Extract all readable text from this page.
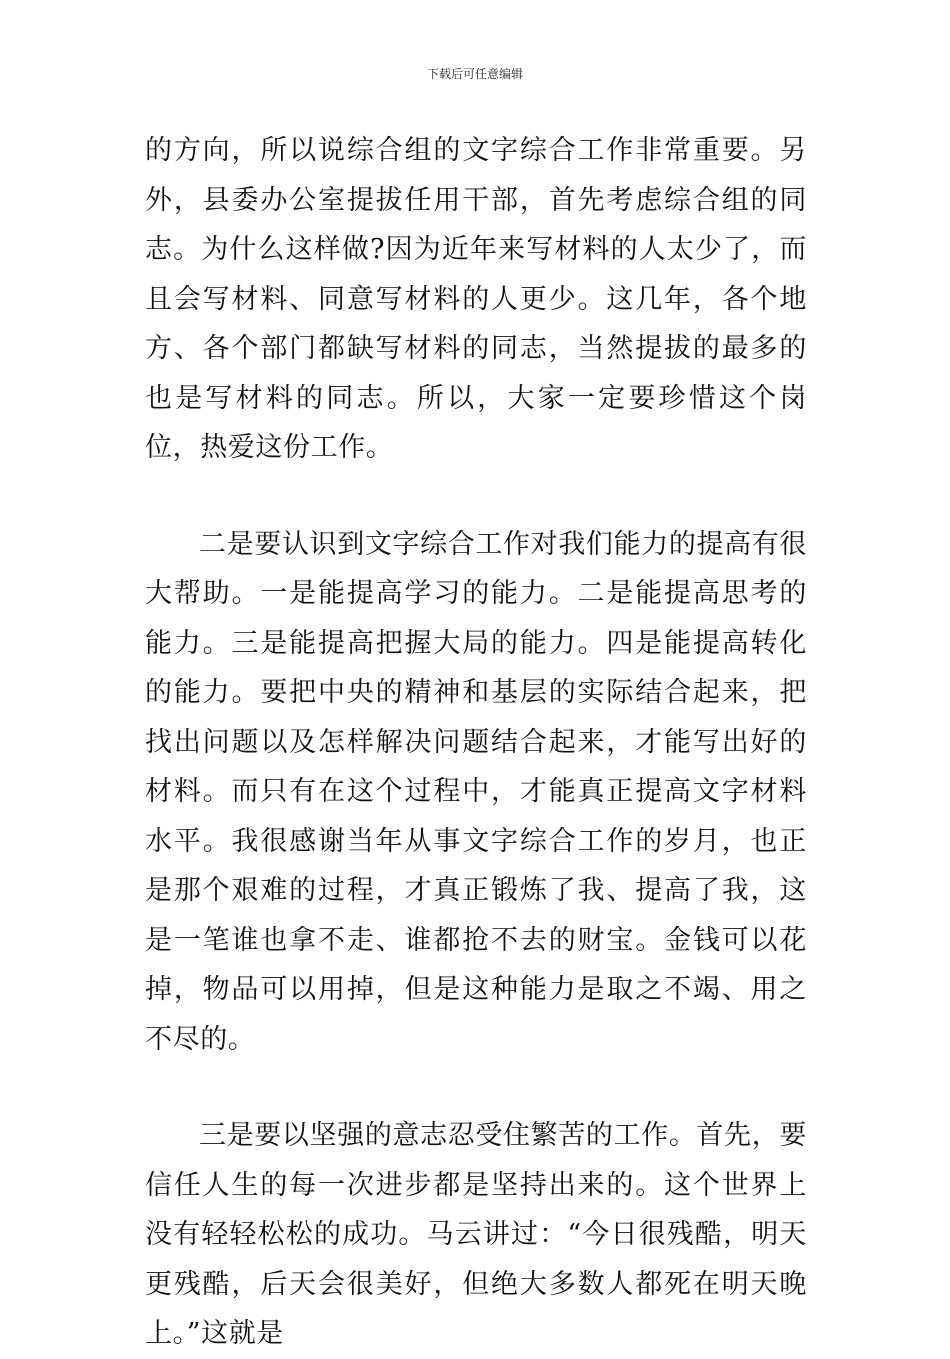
下载后可任意编辑

的方向，所以说综合组的文字综合工作非常重要。另外，县委办公室提拔任用干部，首先考虑综合组的同志。为什么这样做?因为近年来写材料的人太少了，而且会写材料、同意写材料的人更少。这几年，各个地方、各个部门都缺写材料的同志，当然提拔的最多的也是写材料的同志。所以，大家一定要珍惜这个岗位，热爱这份工作。

二是要认识到文字综合工作对我们能力的提高有很大帮助。一是能提高学习的能力。二是能提高思考的能力。三是能提高把握大局的能力。四是能提高转化的能力。要把中央的精神和基层的实际结合起来，把找出问题以及怎样解决问题结合起来，才能写出好的材料。而只有在这个过程中，才能真正提高文字材料水平。我很感谢当年从事文字综合工作的岁月，也正是那个艰难的过程，才真正锻炼了我、提高了我，这是一笔谁也拿不走、谁都抢不去的财宝。金钱可以花掉，物品可以用掉，但是这种能力是取之不竭、用之不尽的。

三是要以坚强的意志忍受住繁苦的工作。首先，要信任人生的每一次进步都是坚持出来的。这个世界上没有轻轻松松的成功。马云讲过：“今日很残酷，明天更残酷，后天会很美好，但绝大多数人都死在明天晚上。”这就是
